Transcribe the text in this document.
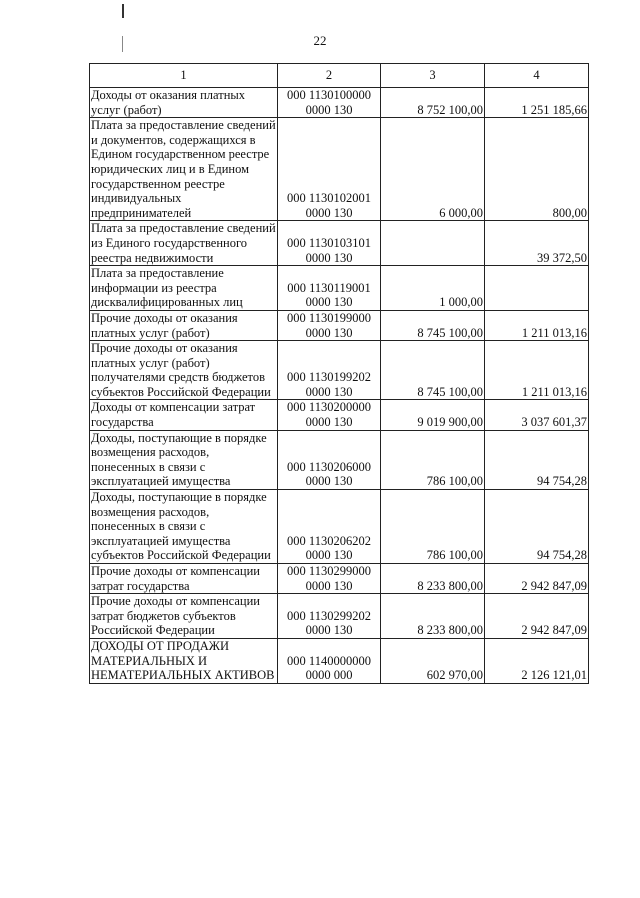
22
1	2	3	4
Доходы от оказания платных услуг (работ)	000 1130100000
0000 130	8 752 100,00	1 251 185,66
Плата за предоставление сведений и документов, содержащихся в Едином государственном реестре юридических лиц и в Едином государственном реестре индивидуальных предпринимателей	000 1130102001
0000 130	6 000,00	800,00
Плата за предоставление сведений из Единого государственного реестра недвижимости	000 1130103101
0000 130		39 372,50
Плата за предоставление информации из реестра дисквалифицированных лиц	000 1130119001
0000 130	1 000,00	
Прочие доходы от оказания платных услуг (работ)	000 1130199000
0000 130	8 745 100,00	1 211 013,16
Прочие доходы от оказания платных услуг (работ) получателями средств бюджетов субъектов Российской Федерации	000 1130199202
0000 130	8 745 100,00	1 211 013,16
Доходы от компенсации затрат государства	000 1130200000
0000 130	9 019 900,00	3 037 601,37
Доходы, поступающие в порядке возмещения расходов, понесенных в связи с эксплуатацией имущества	000 1130206000
0000 130	786 100,00	94 754,28
Доходы, поступающие в порядке возмещения расходов, понесенных в связи с эксплуатацией имущества субъектов Российской Федерации	000 1130206202
0000 130	786 100,00	94 754,28
Прочие доходы от компенсации затрат государства	000 1130299000
0000 130	8 233 800,00	2 942 847,09
Прочие доходы от компенсации затрат бюджетов субъектов Российской Федерации	000 1130299202
0000 130	8 233 800,00	2 942 847,09
ДОХОДЫ ОТ ПРОДАЖИ МАТЕРИАЛЬНЫХ И НЕМАТЕРИАЛЬНЫХ АКТИВОВ	000 1140000000
0000 000	602 970,00	2 126 121,01
